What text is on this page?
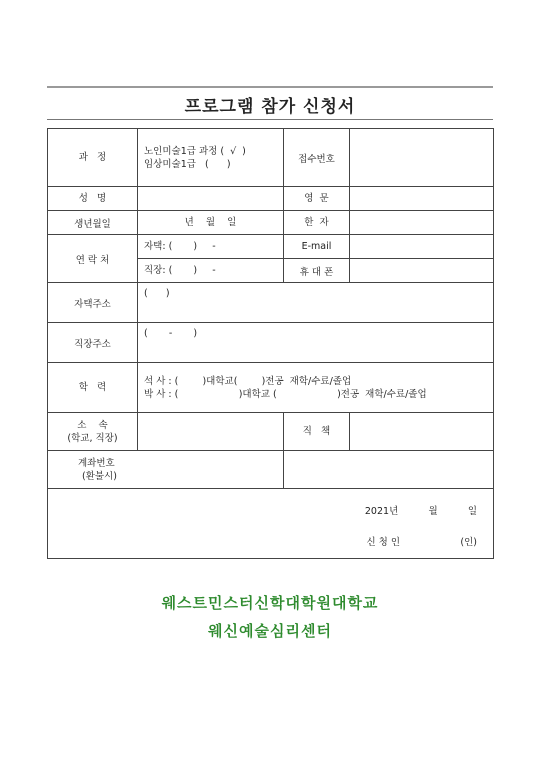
프로그램 참가 신청서
과   정	노인미술1급 과정 (  √  )
임상미술1급   (      )	접수번호	

성   명		영  문	

생년월일	년    월    일	한  자	

연 락 처	자택: (       )     -	E-mail	

	직장: (       )     -	휴 대 폰	
자택주소	(      )		

직장주소	(       -       )		

학   력	석 사 : (        )대학교(        )전공  재학/수료/졸업
박 사 : (                    )대학교 (                    )전공  재학/수료/졸업		

소    속
(학교, 직장)		직   책	

계좌번호
(환불시)			

2021년          월          일
신 청 인                    (인)			
웨스트민스터신학대학원대학교
웨신예술심리센터
